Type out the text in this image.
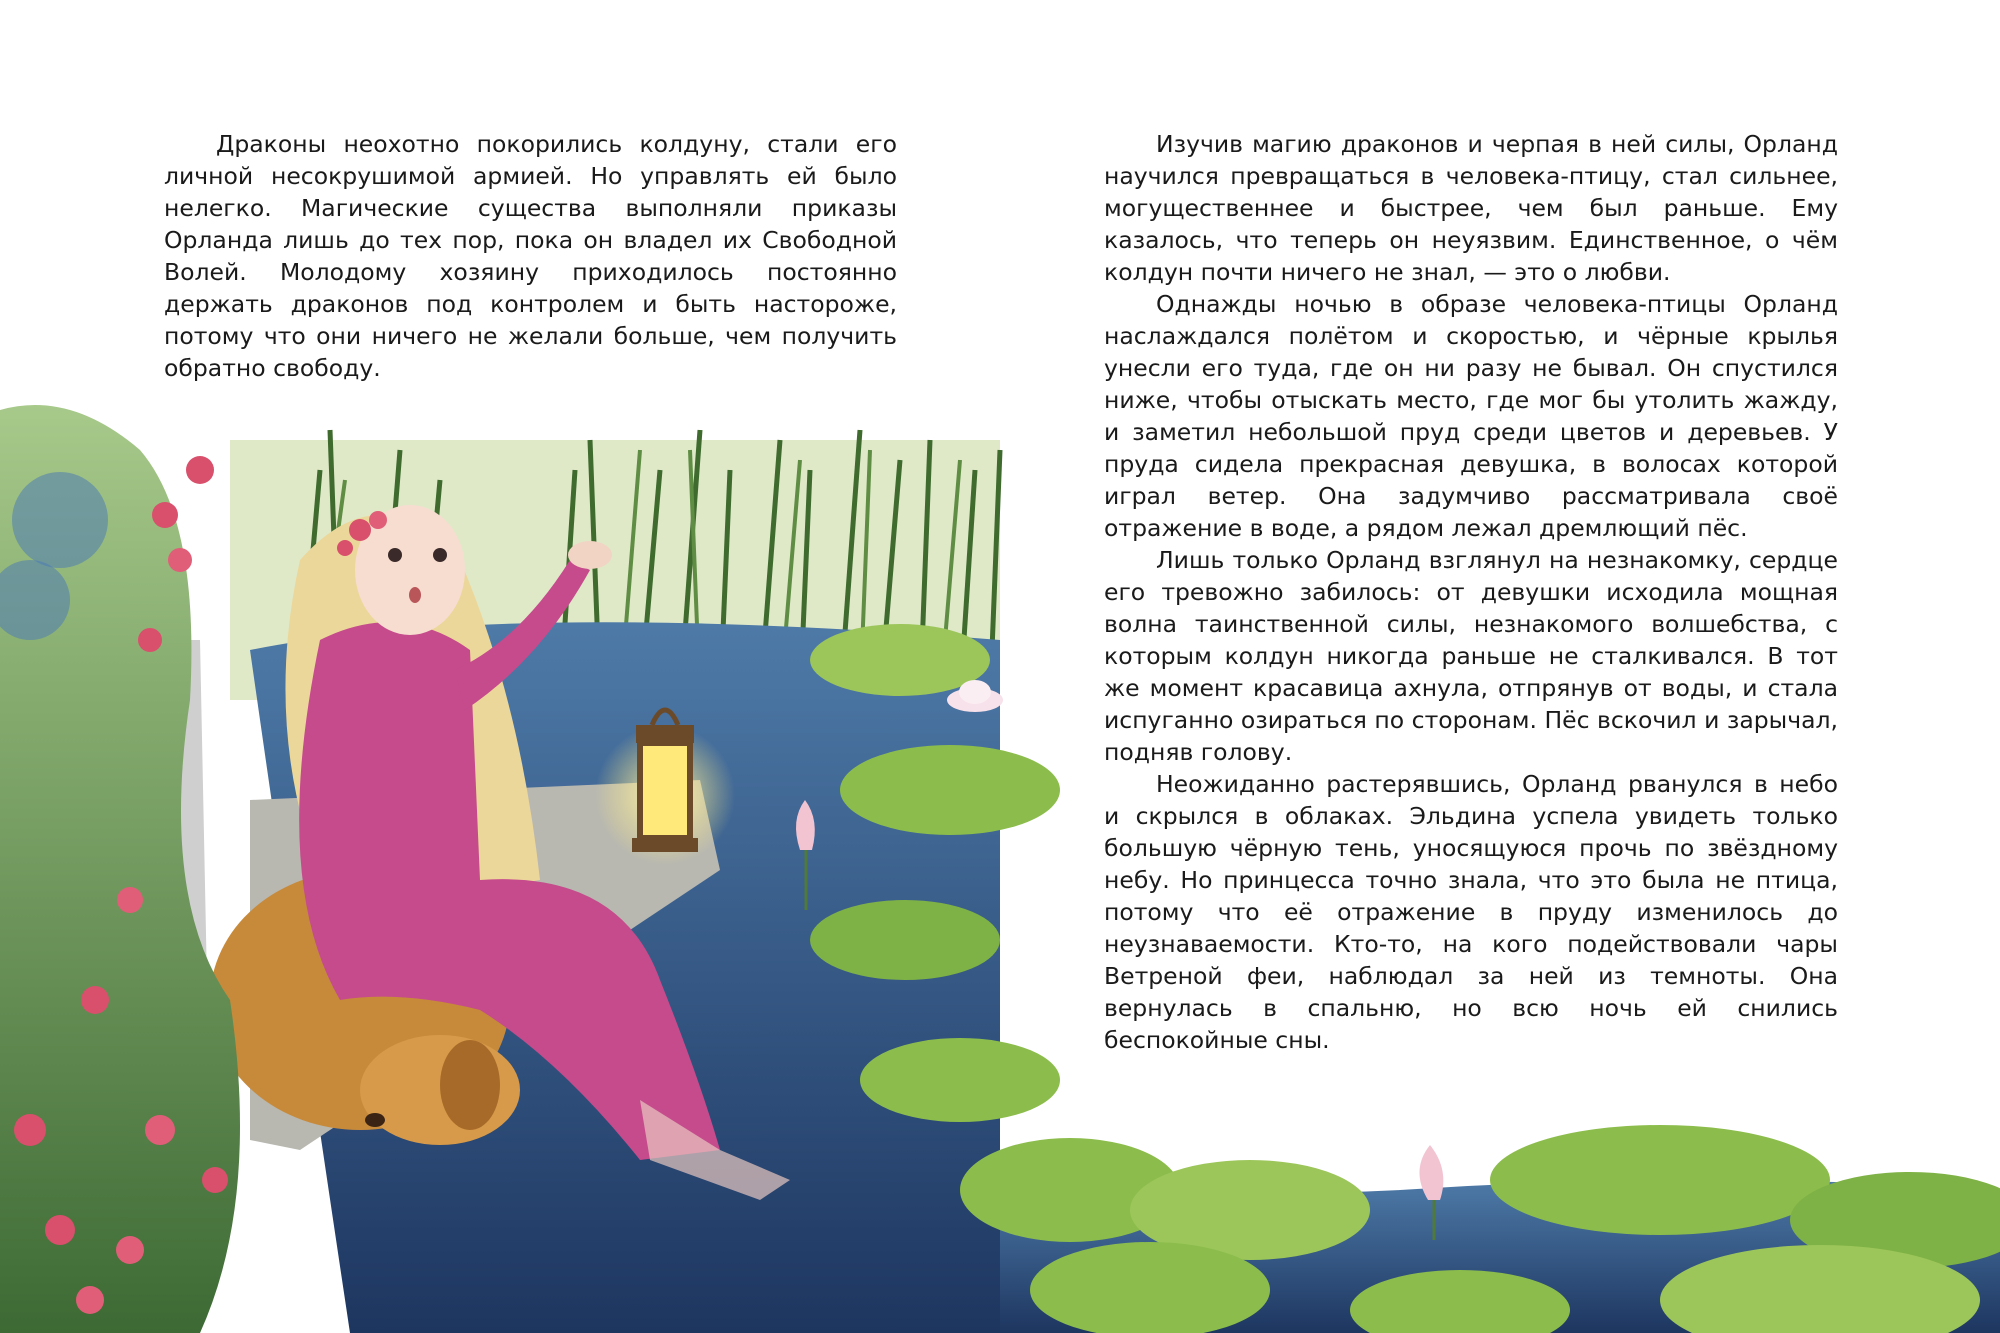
Драконы неохотно покорились колдуну, стали его личной несокрушимой армией. Но управлять ей было нелегко. Магические существа выполняли приказы Орланда лишь до тех пор, пока он владел их Свободной Волей. Молодому хозяину приходилось постоянно держать драконов под контролем и быть настороже, потому что они ничего не желали больше, чем получить обратно свободу.

Изучив магию драконов и черпая в ней силы, Орланд научился превращаться в человека-птицу, стал сильнее, могущественнее и быстрее, чем был раньше. Ему казалось, что теперь он неуязвим. Единственное, о чём колдун почти ничего не знал, — это о любви.

Однажды ночью в образе человека-птицы Орланд наслаждался полётом и скоростью, и чёрные крылья унесли его туда, где он ни разу не бывал. Он спустился ниже, чтобы отыскать место, где мог бы утолить жажду, и заметил небольшой пруд среди цветов и деревьев. У пруда сидела прекрасная девушка, в волосах которой играл ветер. Она задумчиво рассматривала своё отражение в воде, а рядом лежал дремлющий пёс.

Лишь только Орланд взглянул на незнакомку, сердце его тревожно забилось: от девушки исходила мощная волна таинственной силы, незнакомого волшебства, с которым колдун никогда раньше не сталкивался. В тот же момент красавица ахнула, отпрянув от воды, и стала испуганно озираться по сторонам. Пёс вскочил и зарычал, подняв голову.

Неожиданно растерявшись, Орланд рванулся в небо и скрылся в облаках. Эльдина успела увидеть только большую чёрную тень, уносящуюся прочь по звёздному небу. Но принцесса точно знала, что это была не птица, потому что её отражение в пруду изменилось до неузнаваемости. Кто-то, на кого подействовали чары Ветреной феи, наблюдал за ней из темноты. Она вернулась в спальню, но всю ночь ей снились беспокойные сны.
